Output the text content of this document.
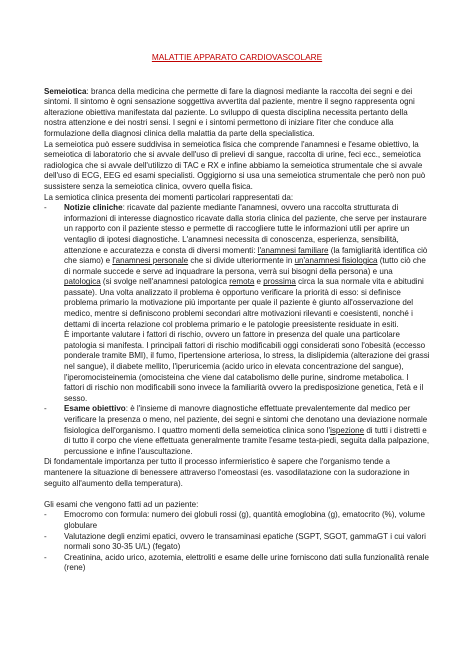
MALATTIE APPARATO CARDIOVASCOLARE

Semeiotica: branca della medicina che permette di fare la diagnosi mediante la raccolta dei segni e dei sintomi. Il sintomo è ogni sensazione soggettiva avvertita dal paziente, mentre il segno rappresenta ogni alterazione obiettiva manifestata dal paziente. Lo sviluppo di questa disciplina necessita pertanto della nostra attenzione e dei nostri sensi. I segni e i sintomi permettono di iniziare l'iter che conduce alla formulazione della diagnosi clinica della malattia da parte della specialistica.

La semeiotica può essere suddivisa in semeiotica fisica che comprende l'anamnesi e l'esame obiettivo, la semeiotica di laboratorio che si avvale dell'uso di prelievi di sangue, raccolta di urine, feci ecc., semeiotica radiologica che si avvale dell'utilizzo di TAC e RX e infine abbiamo la semeiotica strumentale che si avvale dell'uso di ECG, EEG ed esami specialisti. Oggigiorno si usa una semeiotica strumentale che però non può sussistere senza la semeiotica clinica, ovvero quella fisica.

La semiotica clinica presenta dei momenti particolari rappresentati da:

- Notizie cliniche: ricavate dal paziente mediante l'anamnesi, ovvero una raccolta strutturata di informazioni di interesse diagnostico ricavate dalla storia clinica del paziente, che serve per instaurare un rapporto con il paziente stesso e permette di raccogliere tutte le informazioni utili per aprire un ventaglio di ipotesi diagnostiche. L'anamnesi necessita di conoscenza, esperienza, sensibilità, attenzione e accuratezza e consta di diversi momenti: l'anamnesi familiare (la famigliarità identifica ciò che siamo) e l'anamnesi personale che si divide ulteriormente in un'anamnesi fisiologica (tutto ciò che di normale succede e serve ad inquadrare la persona, verrà sui bisogni della persona) e una patologica (si svolge nell'anamnesi patologica remota e prossima circa la sua normale vita e abitudini passate). Una volta analizzato il problema è opportuno verificare la priorità di esso: si definisce problema primario la motivazione più importante per quale il paziente è giunto all'osservazione del medico, mentre si definiscono problemi secondari altre motivazioni rilevanti e coesistenti, nonché i dettami di incerta relazione col problema primario e le patologie preesistente residuate in esiti.

È importante valutare i fattori di rischio, ovvero un fattore in presenza del quale una particolare patologia si manifesta. I principali fattori di rischio modificabili oggi considerati sono l'obesità (eccesso ponderale tramite BMI), il fumo, l'ipertensione arteriosa, lo stress, la dislipidemia (alterazione dei grassi nel sangue), il diabete mellito, l'iperuricemia (acido urico in elevata concentrazione del sangue), l'iperomocisteinemia (omocisteina che viene dal catabolismo delle purine, sindrome metabolica. I fattori di rischio non modificabili sono invece la familiarità ovvero la predisposizione genetica, l'età e il sesso.

- Esame obiettivo: è l'insieme di manovre diagnostiche effettuate prevalentemente dal medico per verificare la presenza o meno, nel paziente, dei segni e sintomi che denotano una deviazione normale fisiologica dell'organismo. I quattro momenti della semeiotica clinica sono l'ispezione di tutti i distretti e di tutto il corpo che viene effettuata generalmente tramite l'esame testa-piedi, seguita dalla palpazione, percussione e infine l'auscultazione.

Di fondamentale importanza per tutto il processo infermieristico è sapere che l'organismo tende a mantenere la situazione di benessere attraverso l'omeostasi (es. vasodilatazione con la sudorazione in seguito all'aumento della temperatura).

Gli esami che vengono fatti ad un paziente:

- Emocromo con formula: numero dei globuli rossi (g), quantità emoglobina (g), ematocrito (%), volume globulare
- Valutazione degli enzimi epatici, ovvero le transaminasi epatiche (SGPT, SGOT, gammaGT i cui valori normali sono 30-35 U/L) (fegato)
- Creatinina, acido urico, azotemia, elettroliti e esame delle urine forniscono dati sulla funzionalità renale (rene)
